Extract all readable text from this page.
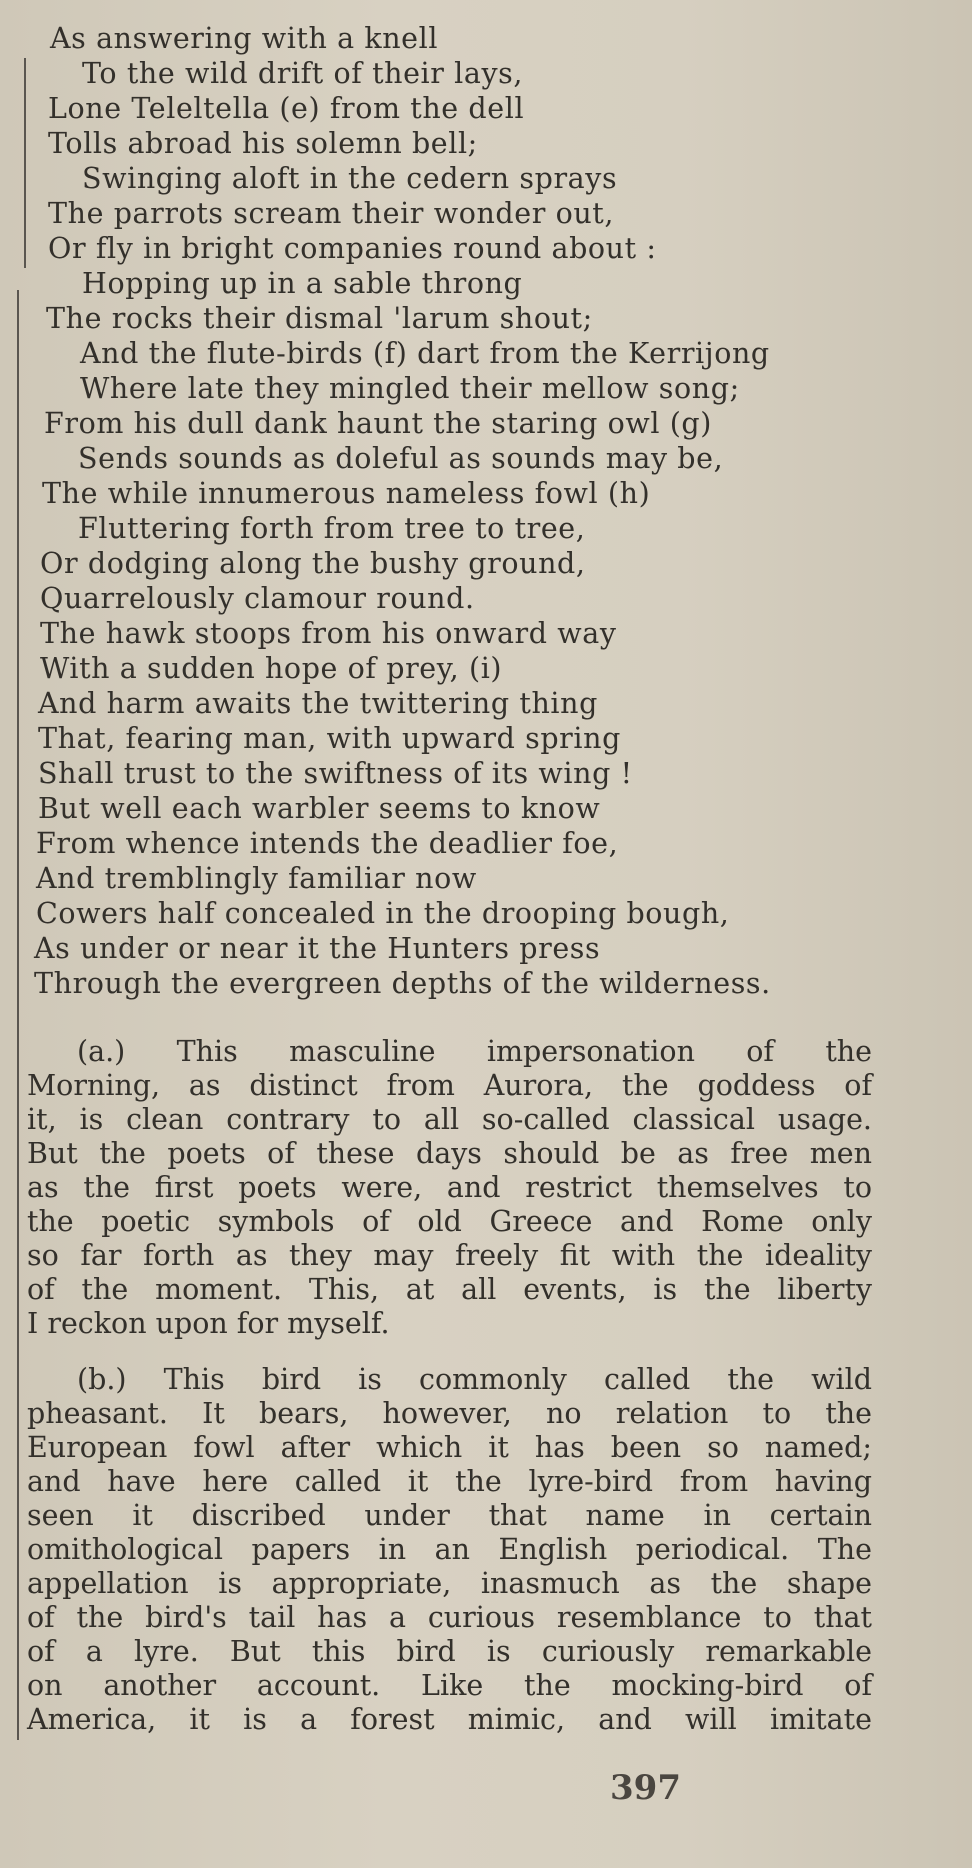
As answering with a knell
To the wild drift of their lays,
Lone Teleltella (e) from the dell
Tolls abroad his solemn bell;
Swinging aloft in the cedern sprays
The parrots scream their wonder out,
Or fly in bright companies round about :
Hopping up in a sable throng
The rocks their dismal 'larum shout;
And the flute-birds (f) dart from the Kerrijong
Where late they mingled their mellow song;
From his dull dank haunt the staring owl (g)
Sends sounds as doleful as sounds may be,
The while innumerous nameless fowl (h)
Fluttering forth from tree to tree,
Or dodging along the bushy ground,
Quarrelously clamour round.
The hawk stoops from his onward way
With a sudden hope of prey, (i)
And harm awaits the twittering thing
That, fearing man, with upward spring
Shall trust to the swiftness of its wing !
But well each warbler seems to know
From whence intends the deadlier foe,
And tremblingly familiar now
Cowers half concealed in the drooping bough,
As under or near it the Hunters press
Through the evergreen depths of the wilderness.
(a.) This masculine impersonation of the
Morning, as distinct from Aurora, the goddess of
it, is clean contrary to all so-called classical usage.
But the poets of these days should be as free men
as the first poets were, and restrict themselves to
the poetic symbols of old Greece and Rome only
so far forth as they may freely fit with the ideality
of the moment. This, at all events, is the liberty
I reckon upon for myself.
(b.) This bird is commonly called the wild
pheasant. It bears, however, no relation to the
European fowl after which it has been so named;
and have here called it the lyre-bird from having
seen it discribed under that name in certain
omithological papers in an English periodical. The
appellation is appropriate, inasmuch as the shape
of the bird's tail has a curious resemblance to that
of a lyre. But this bird is curiously remarkable
on another account. Like the mocking-bird of
America, it is a forest mimic, and will imitate
397
